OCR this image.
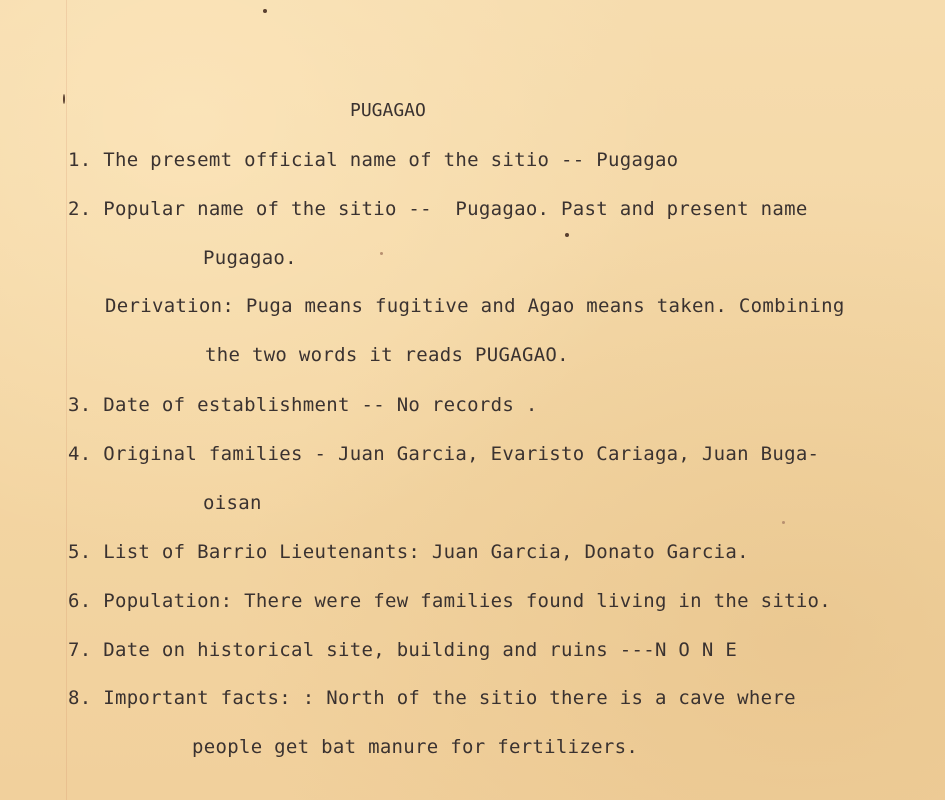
PUGAGAO
1. The presemt official name of the sitio -- Pugagao
2. Popular name of the sitio --  Pugagao. Past and present name
Pugagao.
Derivation: Puga means fugitive and Agao means taken. Combining
the two words it reads PUGAGAO.
3. Date of establishment -- No records .
4. Original families - Juan Garcia, Evaristo Cariaga, Juan Buga-
oisan
5. List of Barrio Lieutenants: Juan Garcia, Donato Garcia.
6. Population: There were few families found living in the sitio.
7. Date on historical site, building and ruins ---N O N E
8. Important facts: : North of the sitio there is a cave where
people get bat manure for fertilizers.
